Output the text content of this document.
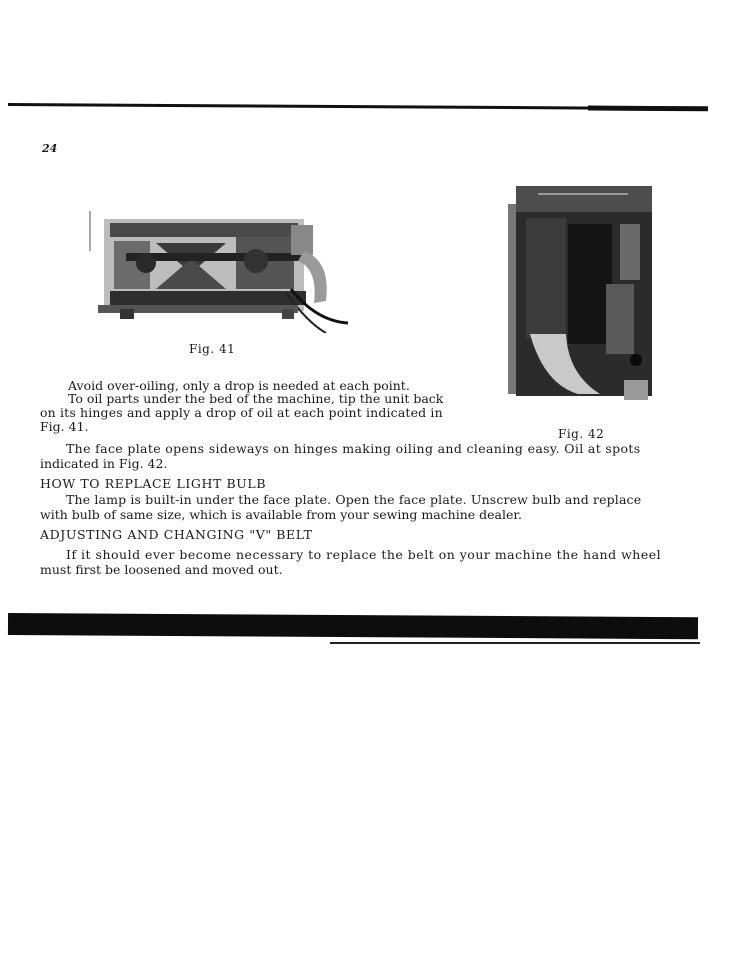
24
Fig. 41
Fig. 42
Avoid over-oiling, only a drop is needed at each point.
To oil parts under the bed of the machine, tip the unit back
on its hinges and apply a drop of oil at each point indicated in
Fig. 41.
The face plate opens sideways on hinges making oiling and cleaning easy. Oil at spots
indicated in Fig. 42.
HOW TO REPLACE LIGHT BULB
The lamp is built-in under the face plate. Open the face plate. Unscrew bulb and replace
with bulb of same size, which is available from your sewing machine dealer.
ADJUSTING AND CHANGING "V" BELT
If it should ever become necessary to replace the belt on your machine the hand wheel
must first be loosened and moved out.
